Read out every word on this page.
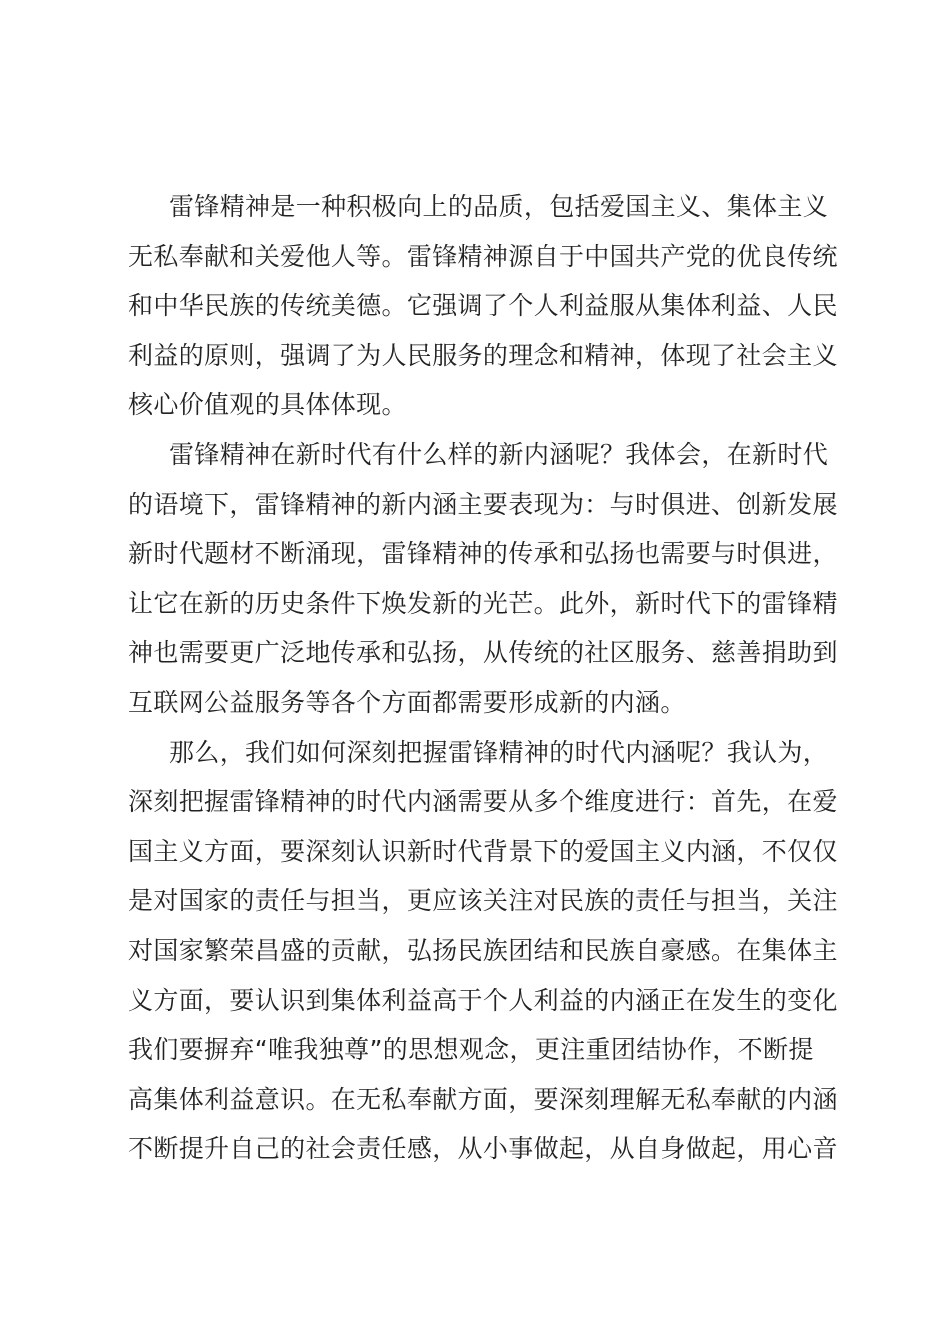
雷锋精神是一种积极向上的品质，包括爱国主义、集体主义
无私奉献和关爱他人等。雷锋精神源自于中国共产党的优良传统
和中华民族的传统美德。它强调了个人利益服从集体利益、人民
利益的原则，强调了为人民服务的理念和精神，体现了社会主义
核心价值观的具体体现。
雷锋精神在新时代有什么样的新内涵呢？我体会，在新时代
的语境下，雷锋精神的新内涵主要表现为：与时俱进、创新发展
新时代题材不断涌现，雷锋精神的传承和弘扬也需要与时俱进，
让它在新的历史条件下焕发新的光芒。此外，新时代下的雷锋精
神也需要更广泛地传承和弘扬，从传统的社区服务、慈善捐助到
互联网公益服务等各个方面都需要形成新的内涵。
那么，我们如何深刻把握雷锋精神的时代内涵呢？我认为，
深刻把握雷锋精神的时代内涵需要从多个维度进行：首先，在爱
国主义方面，要深刻认识新时代背景下的爱国主义内涵，不仅仅
是对国家的责任与担当，更应该关注对民族的责任与担当，关注
对国家繁荣昌盛的贡献，弘扬民族团结和民族自豪感。在集体主
义方面，要认识到集体利益高于个人利益的内涵正在发生的变化
我们要摒弃“唯我独尊”的思想观念，更注重团结协作，不断提
高集体利益意识。在无私奉献方面，要深刻理解无私奉献的内涵
不断提升自己的社会责任感，从小事做起，从自身做起，用心音
